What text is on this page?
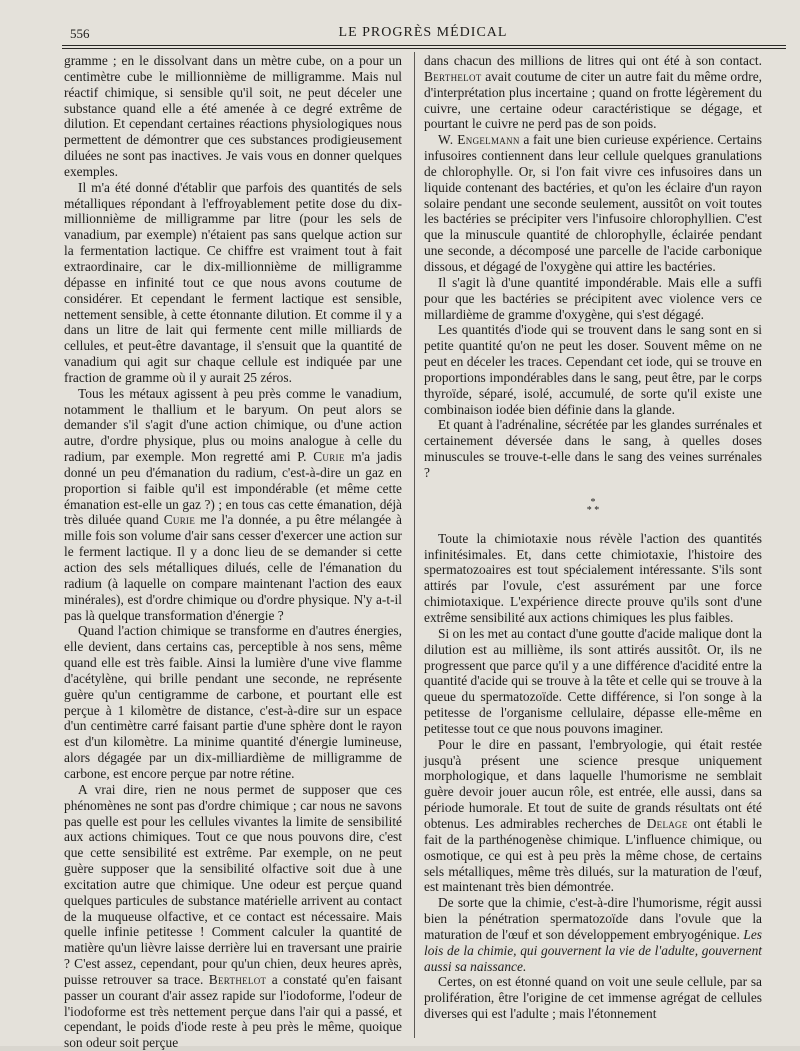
556	LE PROGRÈS MÉDICAL

gramme ; en le dissolvant dans un mètre cube, on a pour un centimètre cube le millionnième de milligramme. Mais nul réactif chimique, si sensible qu'il soit, ne peut déceler une substance quand elle a été amenée à ce degré extrême de dilution. Et cependant certaines réactions physiologiques nous permettent de démontrer que ces substances prodigieusement diluées ne sont pas inactives. Je vais vous en donner quelques exemples.

Il m'a été donné d'établir que parfois des quantités de sels métalliques répondant à l'effroyablement petite dose du dix-millionnième de milligramme par litre (pour les sels de vanadium, par exemple) n'étaient pas sans quelque action sur la fermentation lactique. Ce chiffre est vraiment tout à fait extraordinaire, car le dix-millionnième de milligramme dépasse en infinité tout ce que nous avons coutume de considérer. Et cependant le ferment lactique est sensible, nettement sensible, à cette étonnante dilution. Et comme il y a dans un litre de lait qui fermente cent mille milliards de cellules, et peut-être davantage, il s'ensuit que la quantité de vanadium qui agit sur chaque cellule est indiquée par une fraction de gramme où il y aurait 25 zéros.

Tous les métaux agissent à peu près comme le vanadium, notamment le thallium et le baryum. On peut alors se demander s'il s'agit d'une action chimique, ou d'une action autre, d'ordre physique, plus ou moins analogue à celle du radium, par exemple. Mon regretté ami P. Curie m'a jadis donné un peu d'émanation du radium, c'est-à-dire un gaz en proportion si faible qu'il est impondérable (et même cette émanation est-elle un gaz ?) ; en tous cas cette émanation, déjà très diluée quand Curie me l'a donnée, a pu être mélangée à mille fois son volume d'air sans cesser d'exercer une action sur le ferment lactique. Il y a donc lieu de se demander si cette action des sels métalliques dilués, celle de l'émanation du radium (à laquelle on compare maintenant l'action des eaux minérales), est d'ordre chimique ou d'ordre physique. N'y a-t-il pas là quelque transformation d'énergie ?

Quand l'action chimique se transforme en d'autres énergies, elle devient, dans certains cas, perceptible à nos sens, même quand elle est très faible. Ainsi la lumière d'une vive flamme d'acétylène, qui brille pendant une seconde, ne représente guère qu'un centigramme de carbone, et pourtant elle est perçue à 1 kilomètre de distance, c'est-à-dire sur un espace d'un centimètre carré faisant partie d'une sphère dont le rayon est d'un kilomètre. La minime quantité d'énergie lumineuse, alors dégagée par un dix-milliardième de milligramme de carbone, est encore perçue par notre rétine.

A vrai dire, rien ne nous permet de supposer que ces phénomènes ne sont pas d'ordre chimique ; car nous ne savons pas quelle est pour les cellules vivantes la limite de sensibilité aux actions chimiques. Tout ce que nous pouvons dire, c'est que cette sensibilité est extrême. Par exemple, on ne peut guère supposer que la sensibilité olfactive soit due à une excitation autre que chimique. Une odeur est perçue quand quelques particules de substance matérielle arrivent au contact de la muqueuse olfactive, et ce contact est nécessaire. Mais quelle infinie petitesse ! Comment calculer la quantité de matière qu'un lièvre laisse derrière lui en traversant une prairie ? C'est assez, cependant, pour qu'un chien, deux heures après, puisse retrouver sa trace. Berthelot a constaté qu'en faisant passer un courant d'air assez rapide sur l'iodoforme, l'odeur de l'iodoforme est très nettement perçue dans l'air qui a passé, et cependant, le poids d'iode reste à peu près le même, quoique son odeur soit perçue

dans chacun des millions de litres qui ont été à son contact. Berthelot avait coutume de citer un autre fait du même ordre, d'interprétation plus incertaine ; quand on frotte légèrement du cuivre, une certaine odeur caractéristique se dégage, et pourtant le cuivre ne perd pas de son poids.

W. Engelmann a fait une bien curieuse expérience. Certains infusoires contiennent dans leur cellule quelques granulations de chlorophylle. Or, si l'on fait vivre ces infusoires dans un liquide contenant des bactéries, et qu'on les éclaire d'un rayon solaire pendant une seconde seulement, aussitôt on voit toutes les bactéries se précipiter vers l'infusoire chlorophyllien. C'est que la minuscule quantité de chlorophylle, éclairée pendant une seconde, a décomposé une parcelle de l'acide carbonique dissous, et dégagé de l'oxygène qui attire les bactéries.

Il s'agit là d'une quantité impondérable. Mais elle a suffi pour que les bactéries se précipitent avec violence vers ce millardième de gramme d'oxygène, qui s'est dégagé.

Les quantités d'iode qui se trouvent dans le sang sont en si petite quantité qu'on ne peut les doser. Souvent même on ne peut en déceler les traces. Cependant cet iode, qui se trouve en proportions impondérables dans le sang, peut être, par le corps thyroïde, séparé, isolé, accumulé, de sorte qu'il existe une combinaison iodée bien définie dans la glande.

Et quant à l'adrénaline, sécrétée par les glandes surrénales et certainement déversée dans le sang, à quelles doses minuscules se trouve-t-elle dans le sang des veines surrénales ?

*
* *

Toute la chimiotaxie nous révèle l'action des quantités infinitésimales. Et, dans cette chimiotaxie, l'histoire des spermatozoaires est tout spécialement intéressante. S'ils sont attirés par l'ovule, c'est assurément par une force chimiotaxique. L'expérience directe prouve qu'ils sont d'une extrême sensibilité aux actions chimiques les plus faibles.

Si on les met au contact d'une goutte d'acide malique dont la dilution est au millième, ils sont attirés aussitôt. Or, ils ne progressent que parce qu'il y a une différence d'acidité entre la quantité d'acide qui se trouve à la tête et celle qui se trouve à la queue du spermatozoïde. Cette différence, si l'on songe à la petitesse de l'organisme cellulaire, dépasse elle-même en petitesse tout ce que nous pouvons imaginer.

Pour le dire en passant, l'embryologie, qui était restée jusqu'à présent une science presque uniquement morphologique, et dans laquelle l'humorisme ne semblait guère devoir jouer aucun rôle, est entrée, elle aussi, dans sa période humorale. Et tout de suite de grands résultats ont été obtenus. Les admirables recherches de Delage ont établi le fait de la parthénogenèse chimique. L'influence chimique, ou osmotique, ce qui est à peu près la même chose, de certains sels métalliques, même très dilués, sur la maturation de l'œuf, est maintenant très bien démontrée.

De sorte que la chimie, c'est-à-dire l'humorisme, régit aussi bien la pénétration spermatozoïde dans l'ovule que la maturation de l'œuf et son développement embryogénique. Les lois de la chimie, qui gouvernent la vie de l'adulte, gouvernent aussi sa naissance.

Certes, on est étonné quand on voit une seule cellule, par sa prolifération, être l'origine de cet immense agrégat de cellules diverses qui est l'adulte ; mais l'étonnement
